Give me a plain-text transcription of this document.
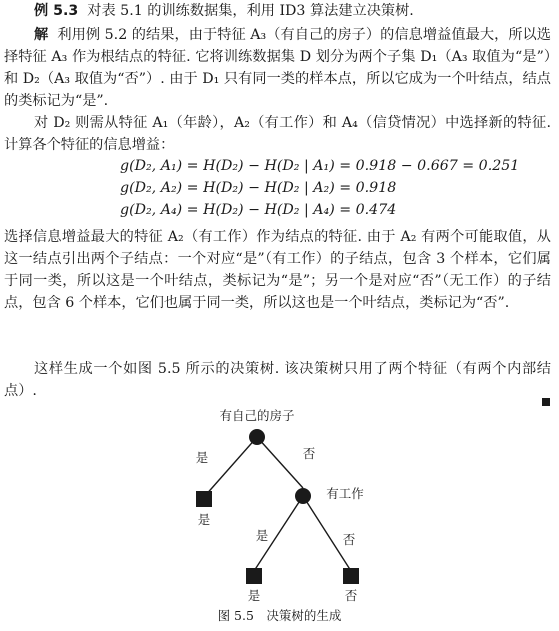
例 5.3 对表 5.1 的训练数据集，利用 ID3 算法建立决策树.

解 利用例 5.2 的结果，由于特征 A₃（有自己的房子）的信息增益值最大，所以选择特征 A₃ 作为根结点的特征. 它将训练数据集 D 划分为两个子集 D₁（A₃ 取值为“是”）和 D₂（A₃ 取值为“否”）. 由于 D₁ 只有同一类的样本点，所以它成为一个叶结点，结点的类标记为“是”.

对 D₂ 则需从特征 A₁（年龄），A₂（有工作）和 A₄（信贷情况）中选择新的特征. 计算各个特征的信息增益：

g(D₂, A₁) = H(D₂) − H(D₂ | A₁) = 0.918 − 0.667 = 0.251
g(D₂, A₂) = H(D₂) − H(D₂ | A₂) = 0.918
g(D₂, A₄) = H(D₂) − H(D₂ | A₄) = 0.474

选择信息增益最大的特征 A₂（有工作）作为结点的特征. 由于 A₂ 有两个可能取值，从这一结点引出两个子结点：一个对应“是”（有工作）的子结点，包含 3 个样本，它们属于同一类，所以这是一个叶结点，类标记为“是”；另一个是对应“否”（无工作）的子结点，包含 6 个样本，它们也属于同一类，所以这也是一个叶结点，类标记为“否”.

这样生成一个如图 5.5 所示的决策树. 该决策树只用了两个特征（有两个内部结点）.

有自己的房子
是	否
是
有工作
是	否
是	否
图 5.5　决策树的生成
